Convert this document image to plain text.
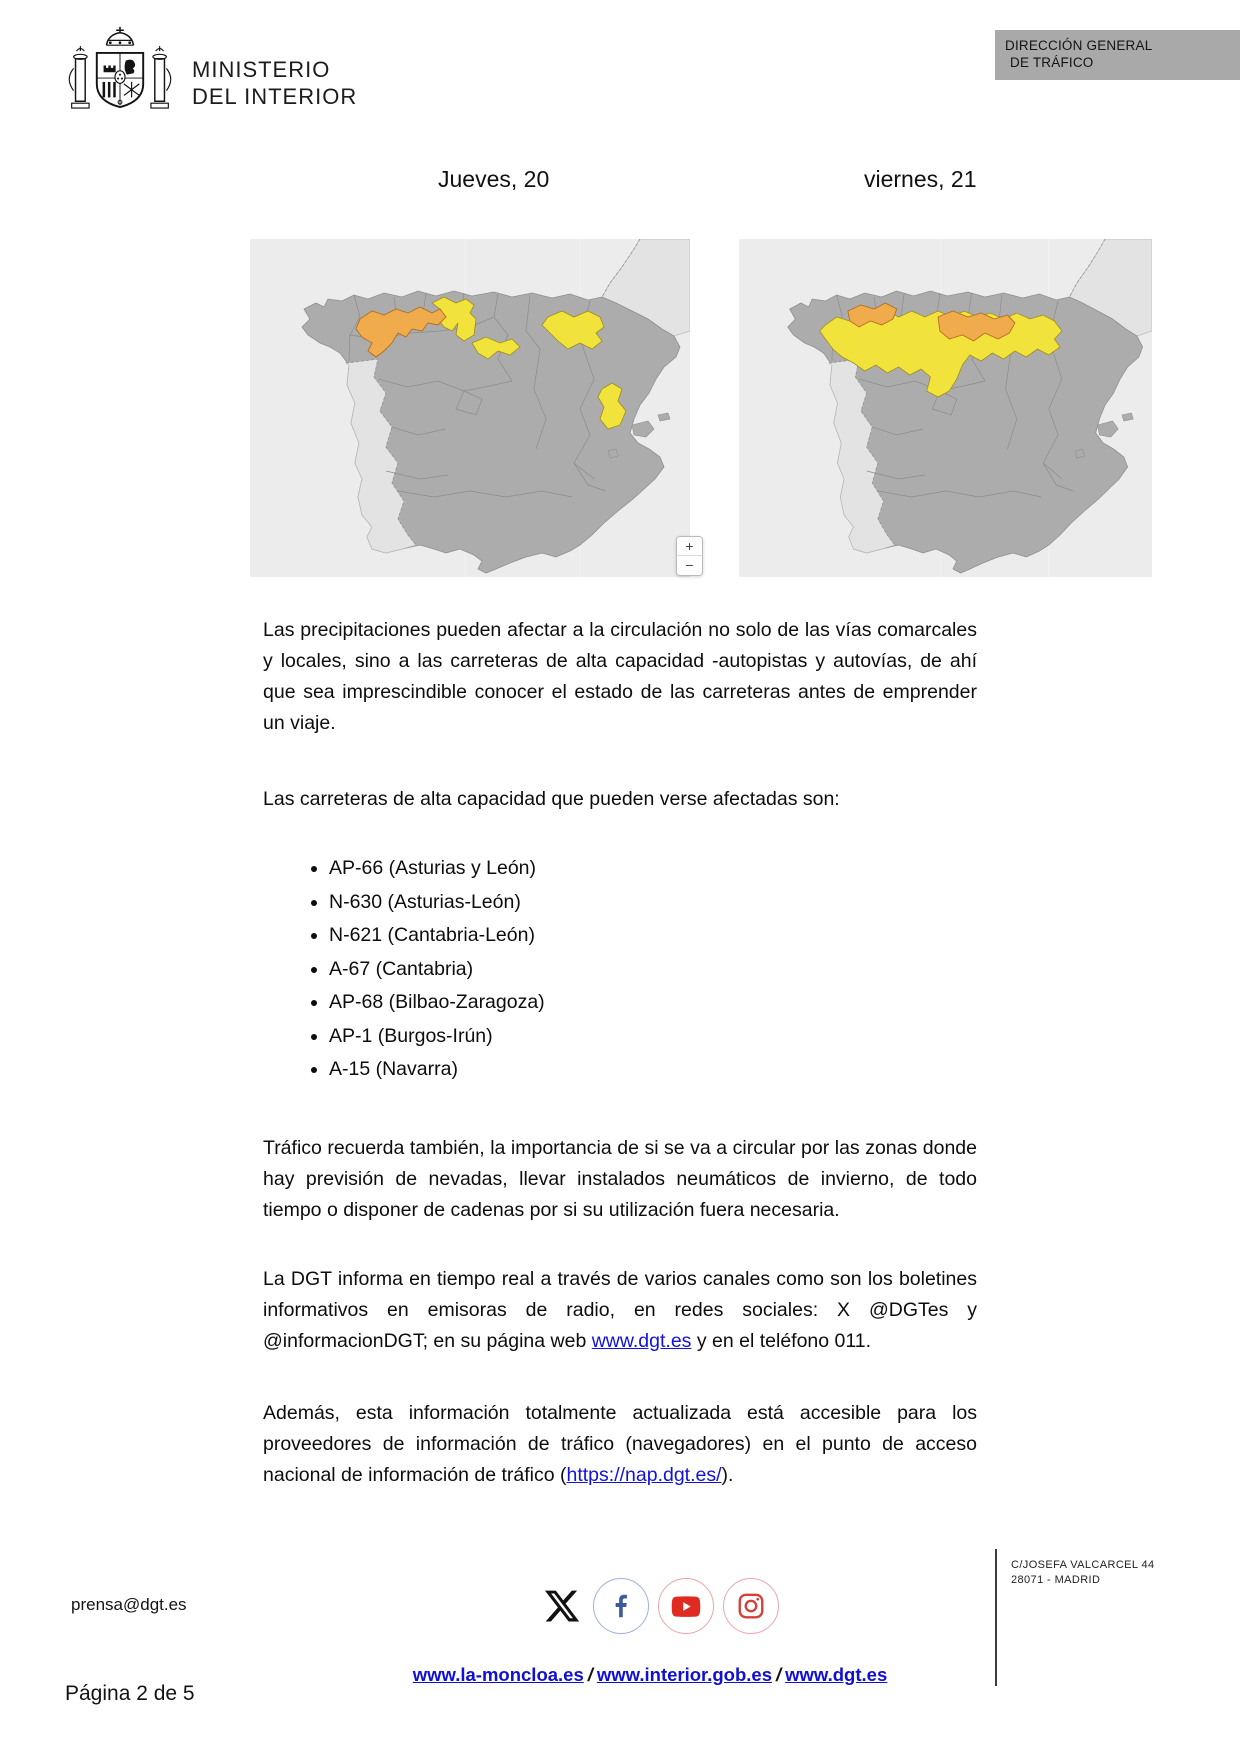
MINISTERIO
DEL INTERIOR
DIRECCIÓN GENERAL
DE TRÁFICO
Jueves, 20	viernes, 21
+
−

Las precipitaciones pueden afectar a la circulación no solo de las vías comarcales y locales, sino a las carreteras de alta capacidad -autopistas y autovías, de ahí que sea imprescindible conocer el estado de las carreteras antes de emprender un viaje.

Las carreteras de alta capacidad que pueden verse afectadas son:

• AP-66 (Asturias y León)
• N-630 (Asturias-León)
• N-621 (Cantabria-León)
• A-67 (Cantabria)
• AP-68 (Bilbao-Zaragoza)
• AP-1 (Burgos-Irún)
• A-15 (Navarra)

Tráfico recuerda también, la importancia de si se va a circular por las zonas donde hay previsión de nevadas, llevar instalados neumáticos de invierno, de todo tiempo o disponer de cadenas por si su utilización fuera necesaria.

La DGT informa en tiempo real a través de varios canales como son los boletines informativos en emisoras de radio, en redes sociales: X @DGTes y @informacionDGT; en su página web www.dgt.es y en el teléfono 011.

Además, esta información totalmente actualizada está accesible para los proveedores de información de tráfico (navegadores) en el punto de acceso nacional de información de tráfico (https://nap.dgt.es/).

prensa@dgt.es
C/JOSEFA VALCARCEL 44
28071 - MADRID
Página 2 de 5
www.la-moncloa.es / www.interior.gob.es / www.dgt.es
